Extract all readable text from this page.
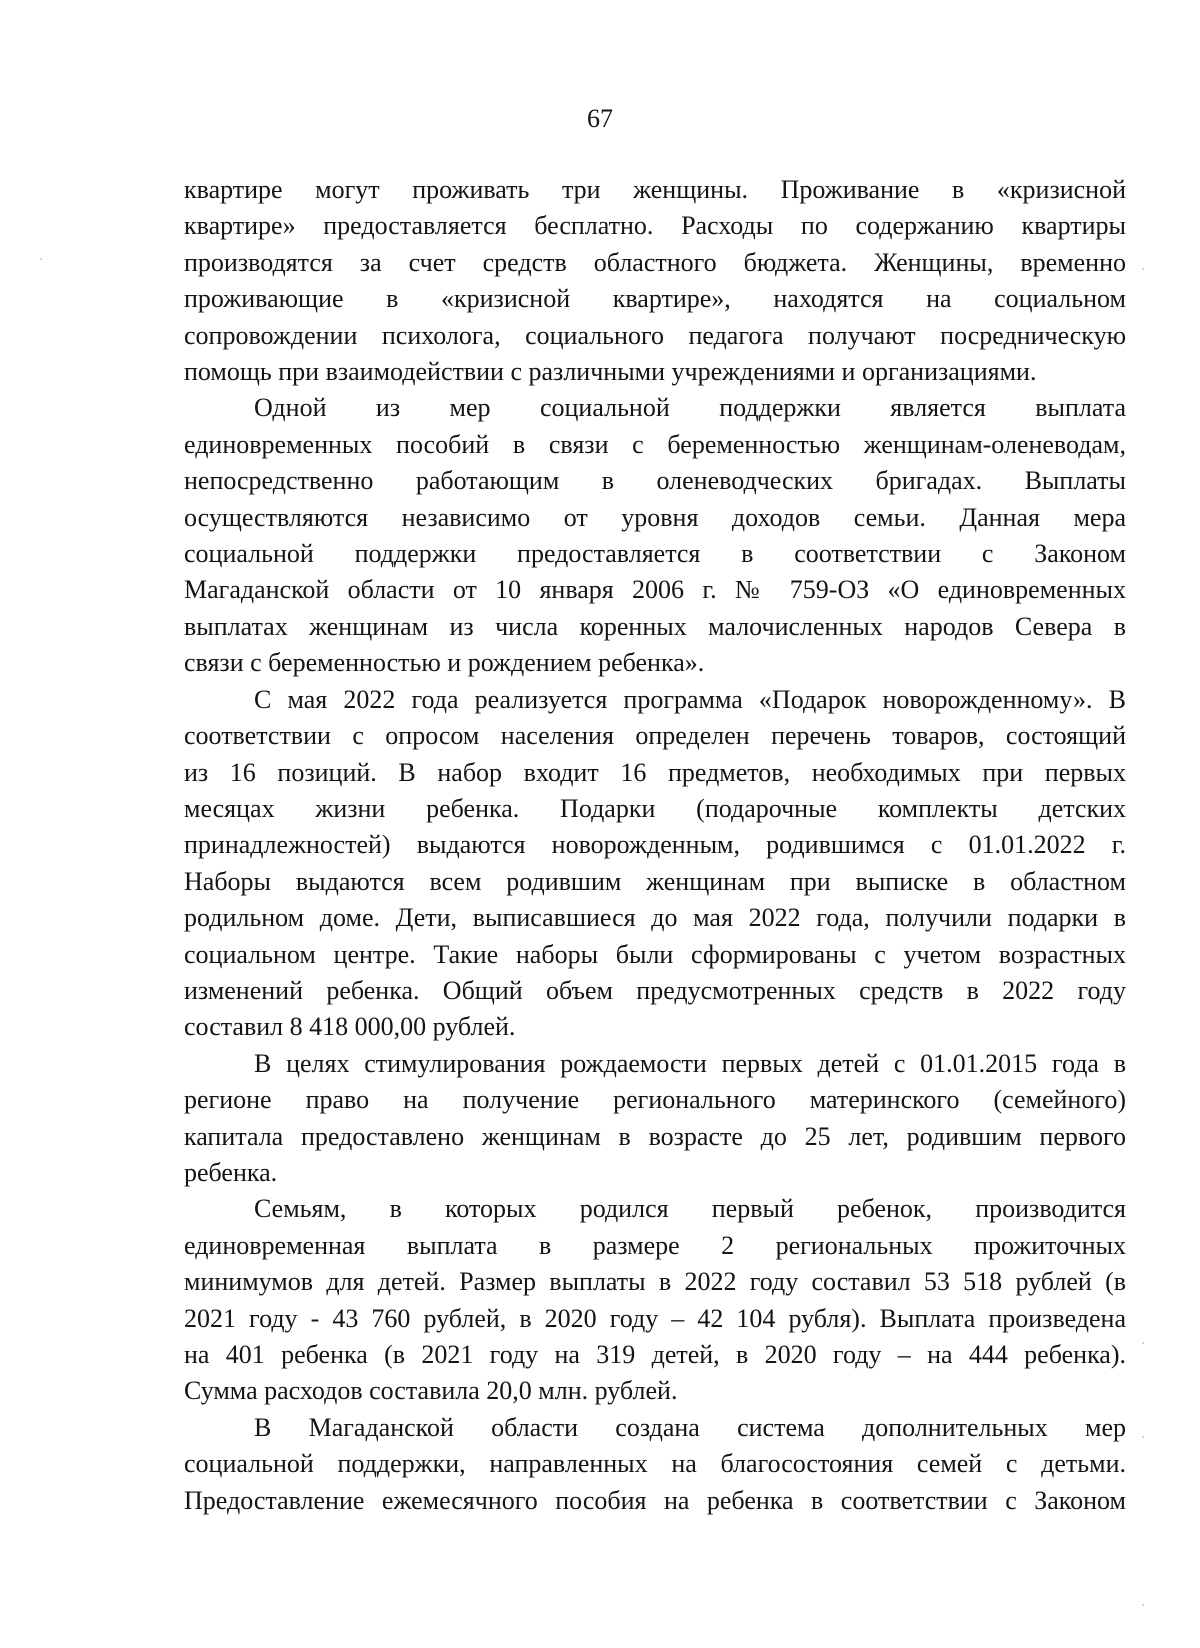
67

квартире могут проживать три женщины. Проживание в «кризисной
квартире» предоставляется бесплатно. Расходы по содержанию квартиры
производятся за счет средств областного бюджета. Женщины, временно
проживающие в «кризисной квартире», находятся на социальном
сопровождении психолога, социального педагога получают посредническую
помощь при взаимодействии с различными учреждениями и организациями.

Одной из мер социальной поддержки является выплата
единовременных пособий в связи с беременностью женщинам-оленеводам,
непосредственно работающим в оленеводческих бригадах. Выплаты
осуществляются независимо от уровня доходов семьи. Данная мера
социальной поддержки предоставляется в соответствии с Законом
Магаданской области от 10 января 2006 г. № 759-ОЗ «О единовременных
выплатах женщинам из числа коренных малочисленных народов Севера в
связи с беременностью и рождением ребенка».

С мая 2022 года реализуется программа «Подарок новорожденному». В
соответствии с опросом населения определен перечень товаров, состоящий
из 16 позиций. В набор входит 16 предметов, необходимых при первых
месяцах жизни ребенка. Подарки (подарочные комплекты детских
принадлежностей) выдаются новорожденным, родившимся с 01.01.2022 г.
Наборы выдаются всем родившим женщинам при выписке в областном
родильном доме. Дети, выписавшиеся до мая 2022 года, получили подарки в
социальном центре. Такие наборы были сформированы с учетом возрастных
изменений ребенка. Общий объем предусмотренных средств в 2022 году
составил 8 418 000,00 рублей.

В целях стимулирования рождаемости первых детей с 01.01.2015 года в
регионе право на получение регионального материнского (семейного)
капитала предоставлено женщинам в возрасте до 25 лет, родившим первого
ребенка.

Семьям, в которых родился первый ребенок, производится
единовременная выплата в размере 2 региональных прожиточных
минимумов для детей. Размер выплаты в 2022 году составил 53 518 рублей (в
2021 году - 43 760 рублей, в 2020 году – 42 104 рубля). Выплата произведена
на 401 ребенка (в 2021 году на 319 детей, в 2020 году – на 444 ребенка).
Сумма расходов составила 20,0 млн. рублей.

В Магаданской области создана система дополнительных мер
социальной поддержки, направленных на благосостояния семей с детьми.
Предоставление ежемесячного пособия на ребенка в соответствии с Законом
